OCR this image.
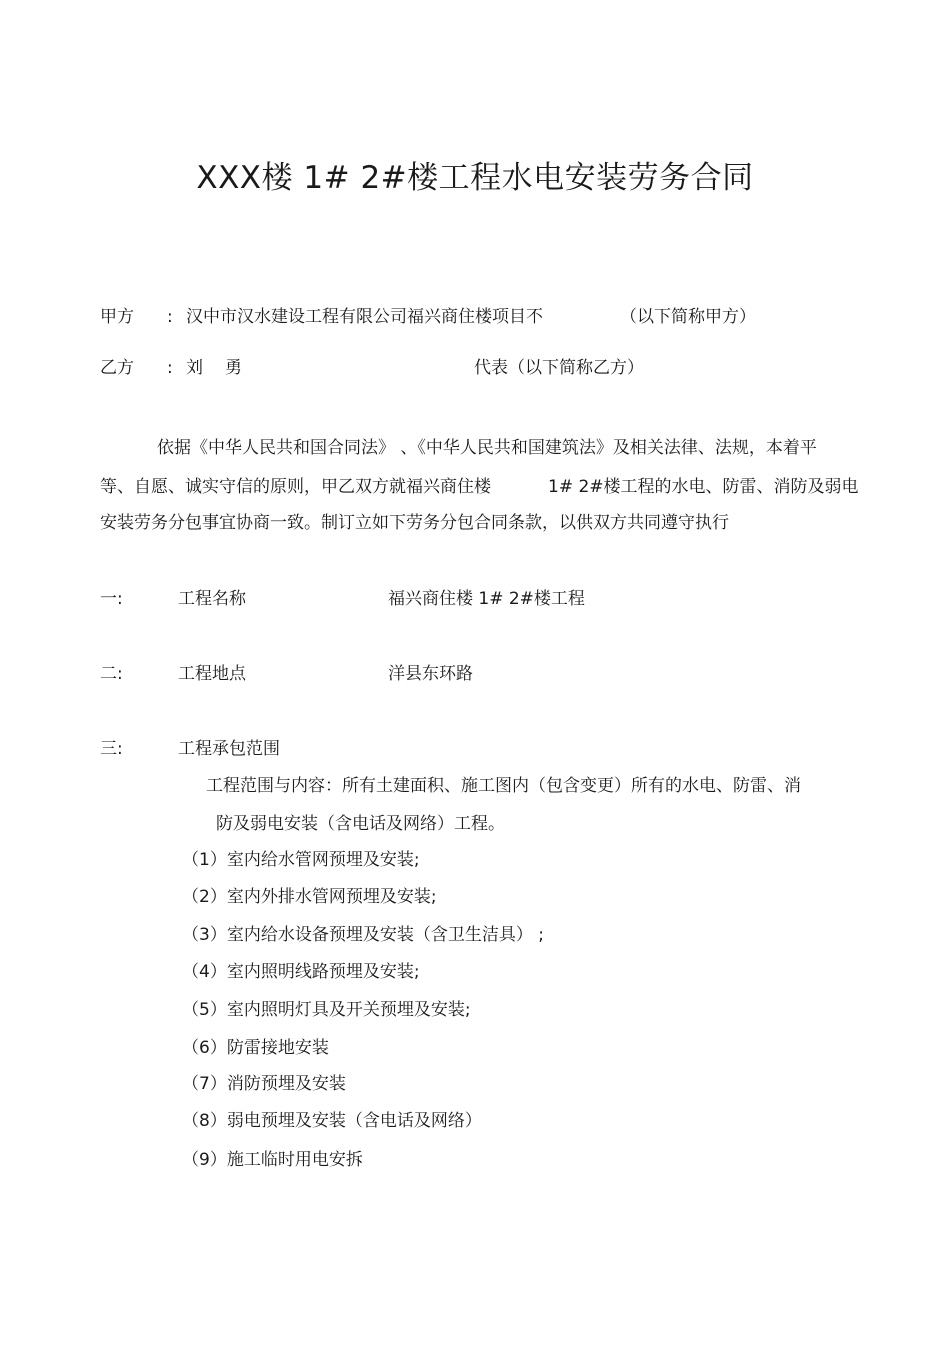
XXX楼 1# 2#楼工程水电安装劳务合同
甲方 : 汉中市汉水建设工程有限公司福兴商住楼项目不	（以下简称甲方）
乙方 : 刘 勇	代表（以下简称乙方）
依据《中华人民共和国合同法》 、《中华人民共和国建筑法》及相关法律、法规，本着平
等、自愿、诚实守信的原则，甲乙双方就福兴商住楼	1# 2#楼工程的水电、防雷、消防及弱电
安装劳务分包事宜协商一致。制订立如下劳务分包合同条款，以供双方共同遵守执行
一:	工程名称	福兴商住楼 1# 2#楼工程
二:	工程地点	洋县东环路
三:	工程承包范围
工程范围与内容：所有土建面积、施工图内（包含变更）所有的水电、防雷、消
防及弱电安装（含电话及网络）工程。
（1）室内给水管网预埋及安装;
（2）室内外排水管网预埋及安装;
（3）室内给水设备预埋及安装（含卫生洁具） ;
（4）室内照明线路预埋及安装;
（5）室内照明灯具及开关预埋及安装;
（6）防雷接地安装
（7）消防预埋及安装
（8）弱电预埋及安装（含电话及网络）
（9）施工临时用电安拆
